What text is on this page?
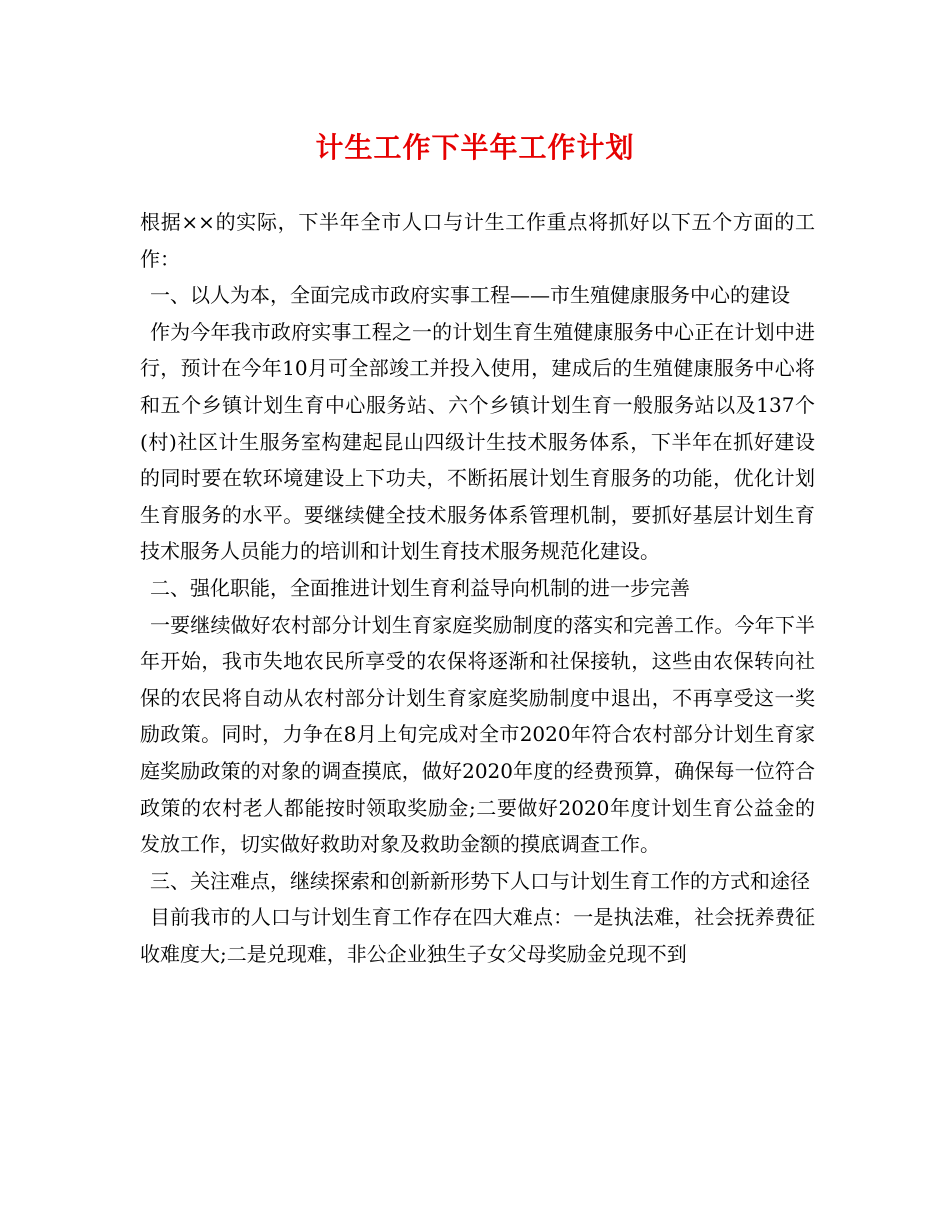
计生工作下半年工作计划

根据××的实际，下半年全市人口与计生工作重点将抓好以下五个方面的工作：

一、以人为本，全面完成市政府实事工程——市生殖健康服务中心的建设

作为今年我市政府实事工程之一的计划生育生殖健康服务中心正在计划中进行，预计在今年10月可全部竣工并投入使用，建成后的生殖健康服务中心将和五个乡镇计划生育中心服务站、六个乡镇计划生育一般服务站以及137个(村)社区计生服务室构建起昆山四级计生技术服务体系，下半年在抓好建设的同时要在软环境建设上下功夫，不断拓展计划生育服务的功能，优化计划生育服务的水平。要继续健全技术服务体系管理机制，要抓好基层计划生育技术服务人员能力的培训和计划生育技术服务规范化建设。

二、强化职能，全面推进计划生育利益导向机制的进一步完善

一要继续做好农村部分计划生育家庭奖励制度的落实和完善工作。今年下半年开始，我市失地农民所享受的农保将逐渐和社保接轨，这些由农保转向社保的农民将自动从农村部分计划生育家庭奖励制度中退出，不再享受这一奖励政策。同时，力争在8月上旬完成对全市2020年符合农村部分计划生育家庭奖励政策的对象的调查摸底，做好2020年度的经费预算，确保每一位符合政策的农村老人都能按时领取奖励金;二要做好2020年度计划生育公益金的发放工作，切实做好救助对象及救助金额的摸底调查工作。

三、关注难点，继续探索和创新新形势下人口与计划生育工作的方式和途径

目前我市的人口与计划生育工作存在四大难点：一是执法难，社会抚养费征收难度大;二是兑现难，非公企业独生子女父母奖励金兑现不到
